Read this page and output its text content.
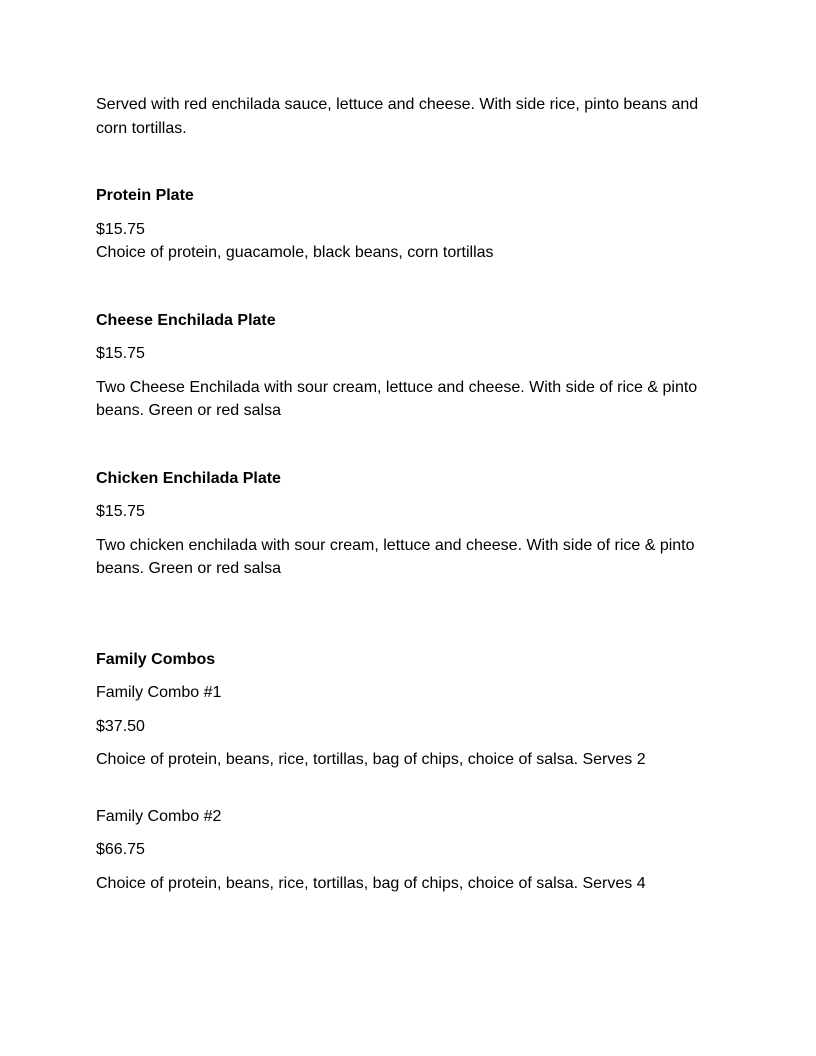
Served with red enchilada sauce, lettuce and cheese. With side rice, pinto beans and corn tortillas.

Protein Plate

$15.75

Choice of protein, guacamole, black beans, corn tortillas

Cheese Enchilada Plate

$15.75

Two Cheese Enchilada with sour cream, lettuce and cheese. With side of rice & pinto beans. Green or red salsa

Chicken Enchilada Plate

$15.75

Two chicken enchilada with sour cream, lettuce and cheese. With side of rice & pinto beans. Green or red salsa

Family Combos

Family Combo #1

$37.50

Choice of protein, beans, rice, tortillas, bag of chips, choice of salsa. Serves 2

Family Combo #2

$66.75

Choice of protein, beans, rice, tortillas, bag of chips, choice of salsa. Serves 4
